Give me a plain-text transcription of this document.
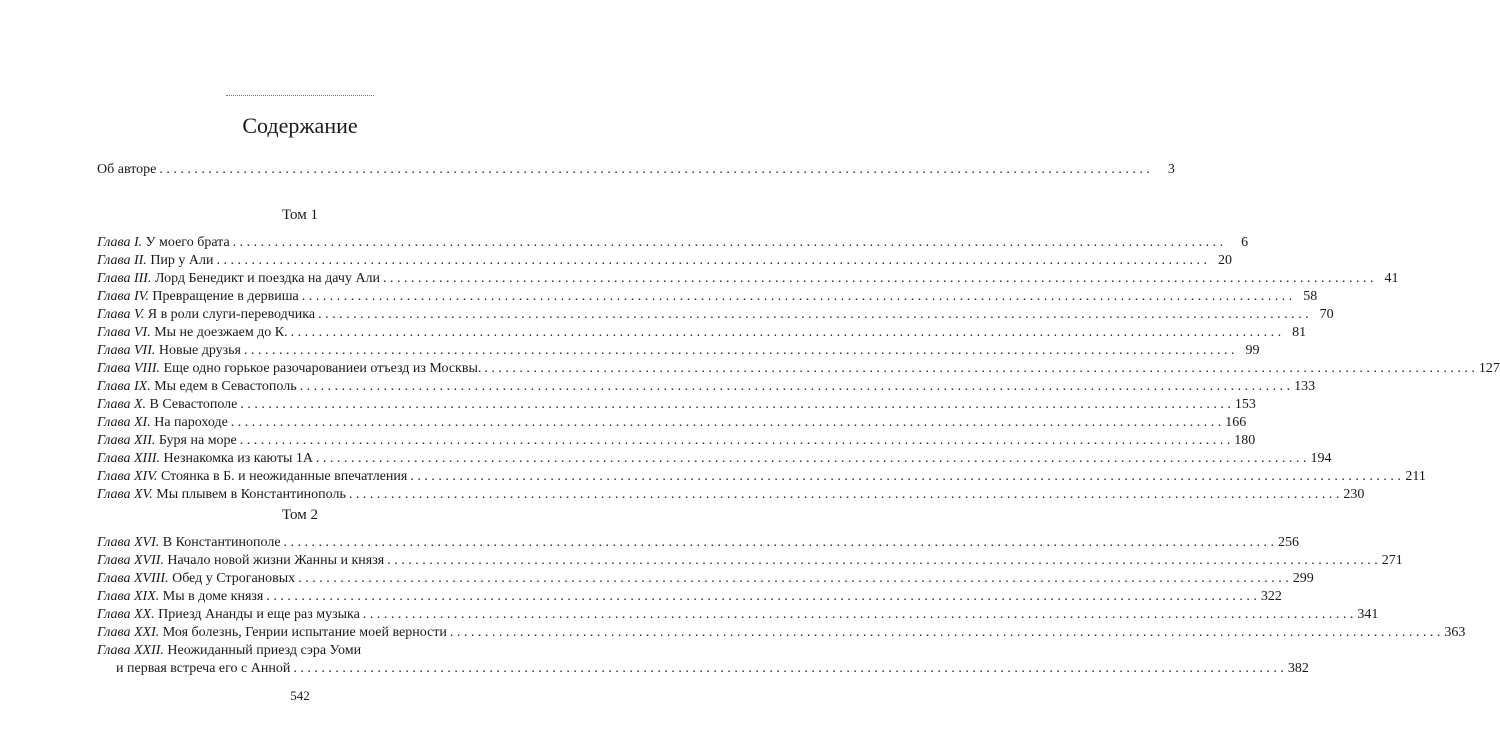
Содержание
Об авторе . . .	3
Том 1
Глава I. У моего брата . . .	6
Глава II. Пир у Али . . .	20
Глава III. Лорд Бенедикт и поездка на дачу Али . . .	41
Глава IV. Превращение в дервиша . . .	58
Глава V. Я в роли слуги-переводчика . . .	70
Глава VI. Мы не доезжаем до К. . . .	81
Глава VII. Новые друзья . . .	99
Глава VIII. Еще одно горькое разочарованиеи отъезд из Москвы. . . .	127
Глава IX. Мы едем в Севастополь . . .	133
Глава X. В Севастополе . . .	153
Глава XI. На пароходе . . .	166
Глава XII. Буря на море . . .	180
Глава XIII. Незнакомка из каюты 1А . . .	194
Глава XIV. Стоянка в Б. и неожиданные впечатления . . .	211
Глава XV. Мы плывем в Константинополь . . .	230
Том 2
Глава XVI. В Константинополе . . .	256
Глава XVII. Начало новой жизни Жанны и князя . . .	271
Глава XVIII. Обед у Строгановых . . .	299
Глава XIX. Мы в доме князя . . .	322
Глава XX. Приезд Ананды и еще раз музыка . . .	341
Глава XXI. Моя болезнь, Генрии испытание моей верности . . .	363
Глава XXII. Неожиданный приезд сэра Уоми
и первая встреча его с Анной . . .	382
542
